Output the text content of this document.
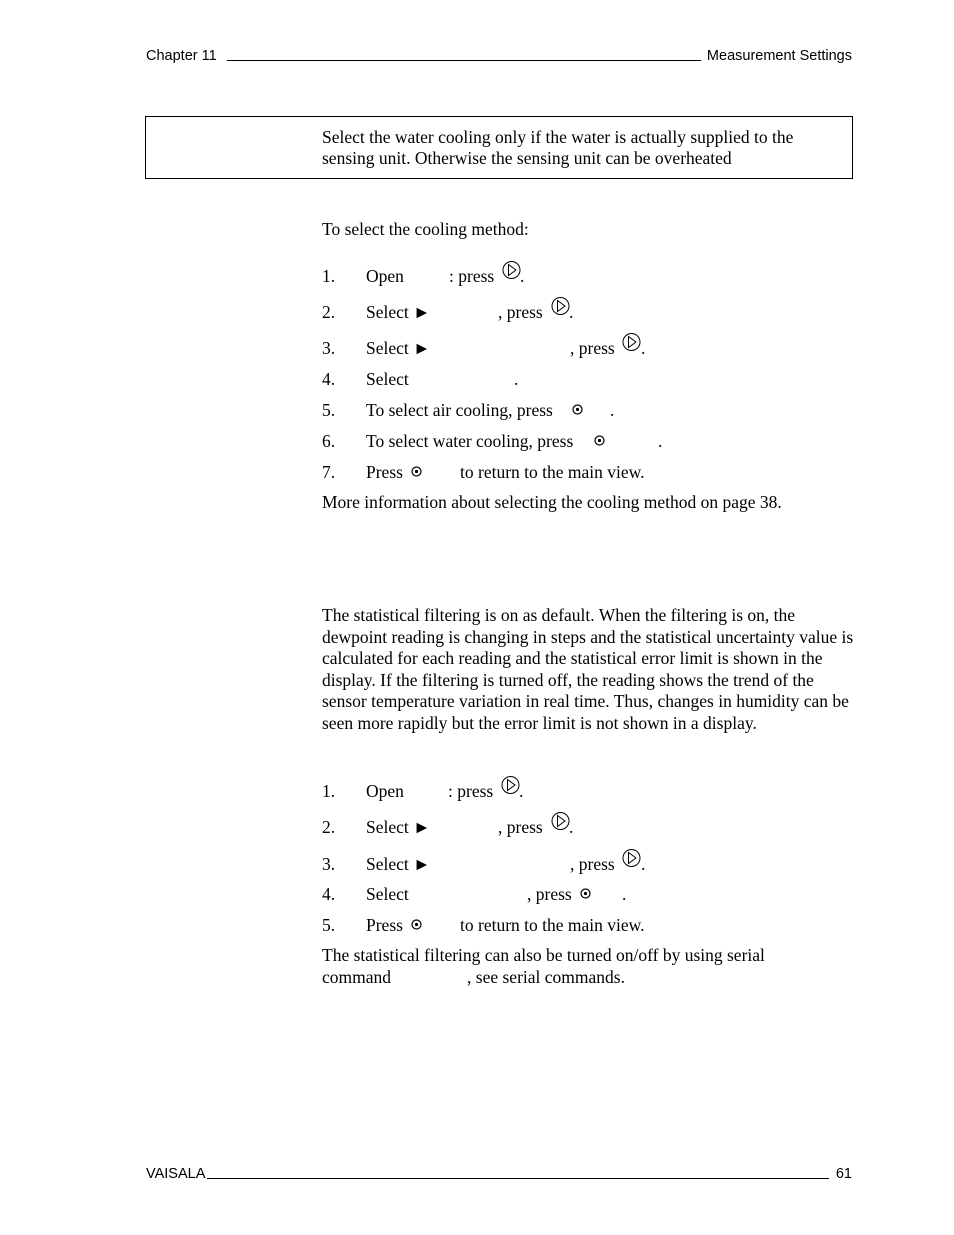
Chapter 11	Measurement Settings
Select the water cooling only if the water is actually supplied to the sensing unit. Otherwise the sensing unit can be overheated
To select the cooling method:
1. Open	: press .
2. Select ►	, press .
3. Select ►	, press .
4. Select	.
5. To select air cooling, press	.
6. To select water cooling, press	.
7. Press	to return to the main view.
More information about selecting the cooling method on page 38.
The statistical filtering is on as default. When the filtering is on, the dewpoint reading is changing in steps and the statistical uncertainty value is calculated for each reading and the statistical error limit is shown in the display. If the filtering is turned off, the reading shows the trend of the sensor temperature variation in real time. Thus, changes in humidity can be seen more rapidly but the error limit is not shown in a display.
1. Open	: press .
2. Select ►	, press .
3. Select ►	, press .
4. Select	, press	.
5. Press	to return to the main view.
The statistical filtering can also be turned on/off by using serial command	, see serial commands.
VAISALA	61
